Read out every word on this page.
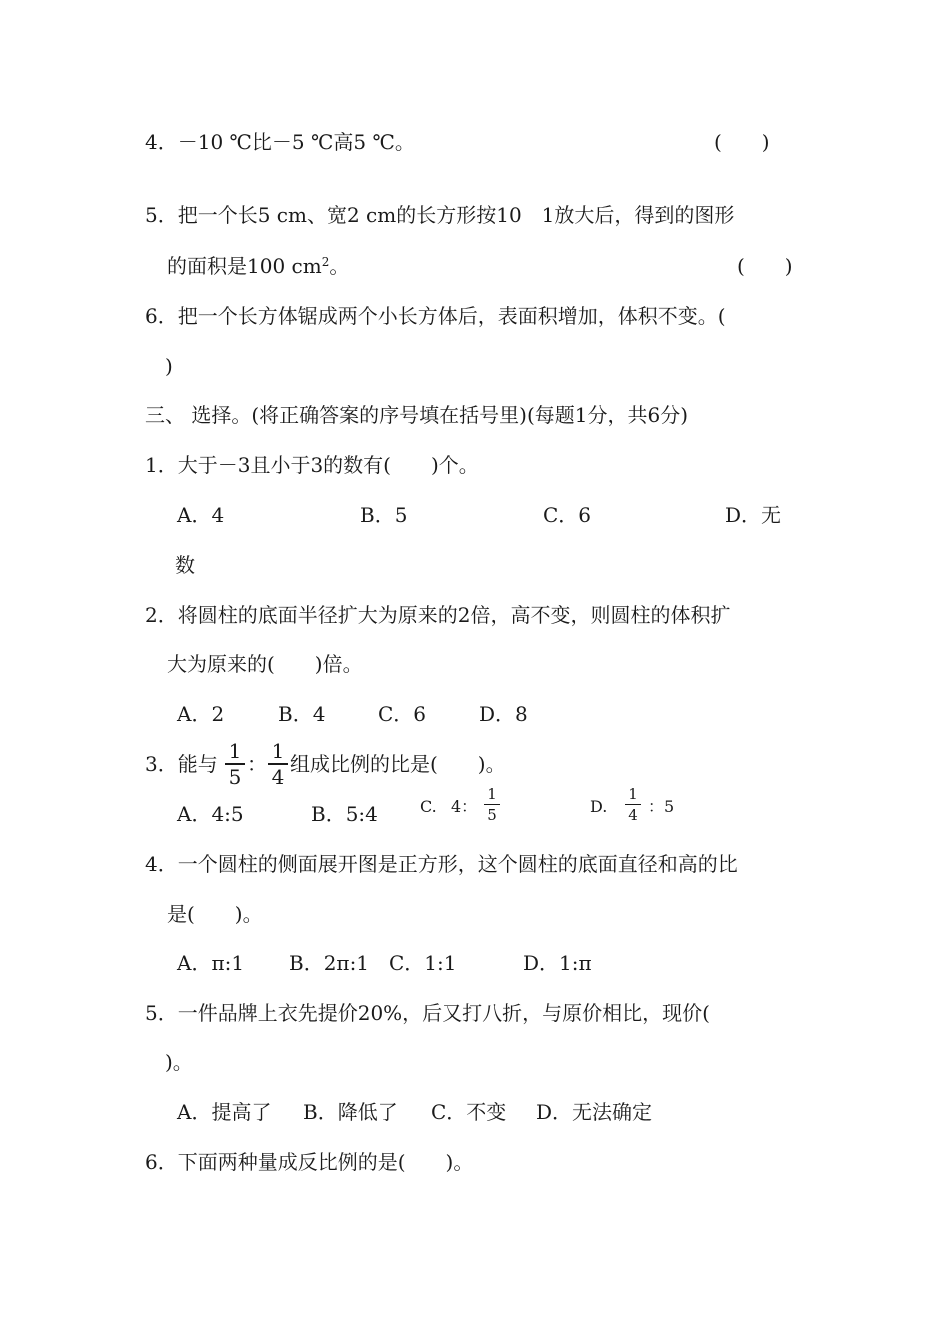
4．－10 ℃比－5 ℃高5 ℃。	(　　)
5．把一个长5 cm、宽2 cm的长方形按10　1放大后，得到的图形
的面积是100 $cm^2$。	(　　)
6．把一个长方体锯成两个小长方体后，表面积增加，体积不变。(
)
三、 选择。(将正确答案的序号填在括号里)(每题1分，共6分)
1．大于－3且小于3的数有(　　)个。
A．4	B．5	C．6	D．无
数
2．将圆柱的底面半径扩大为原来的2倍，高不变，则圆柱的体积扩
大为原来的(　　)倍。
A．2	B．4	C．6	D．8
3．能与
1
5
：
1
4
组成比例的比是(　　)。
A．4:5	B．5:4	C. 4：
1
5	D.
1
4 ：5
4．一个圆柱的侧面展开图是正方形，这个圆柱的底面直径和高的比
是(　　)。
A．π:1 B．2π:1 C．1:1	D．1:π
5．一件品牌上衣先提价20%，后又打八折，与原价相比，现价(
)。
A．提高了 B．降低了 C．不变 D．无法确定
6．下面两种量成反比例的是(　　)。
